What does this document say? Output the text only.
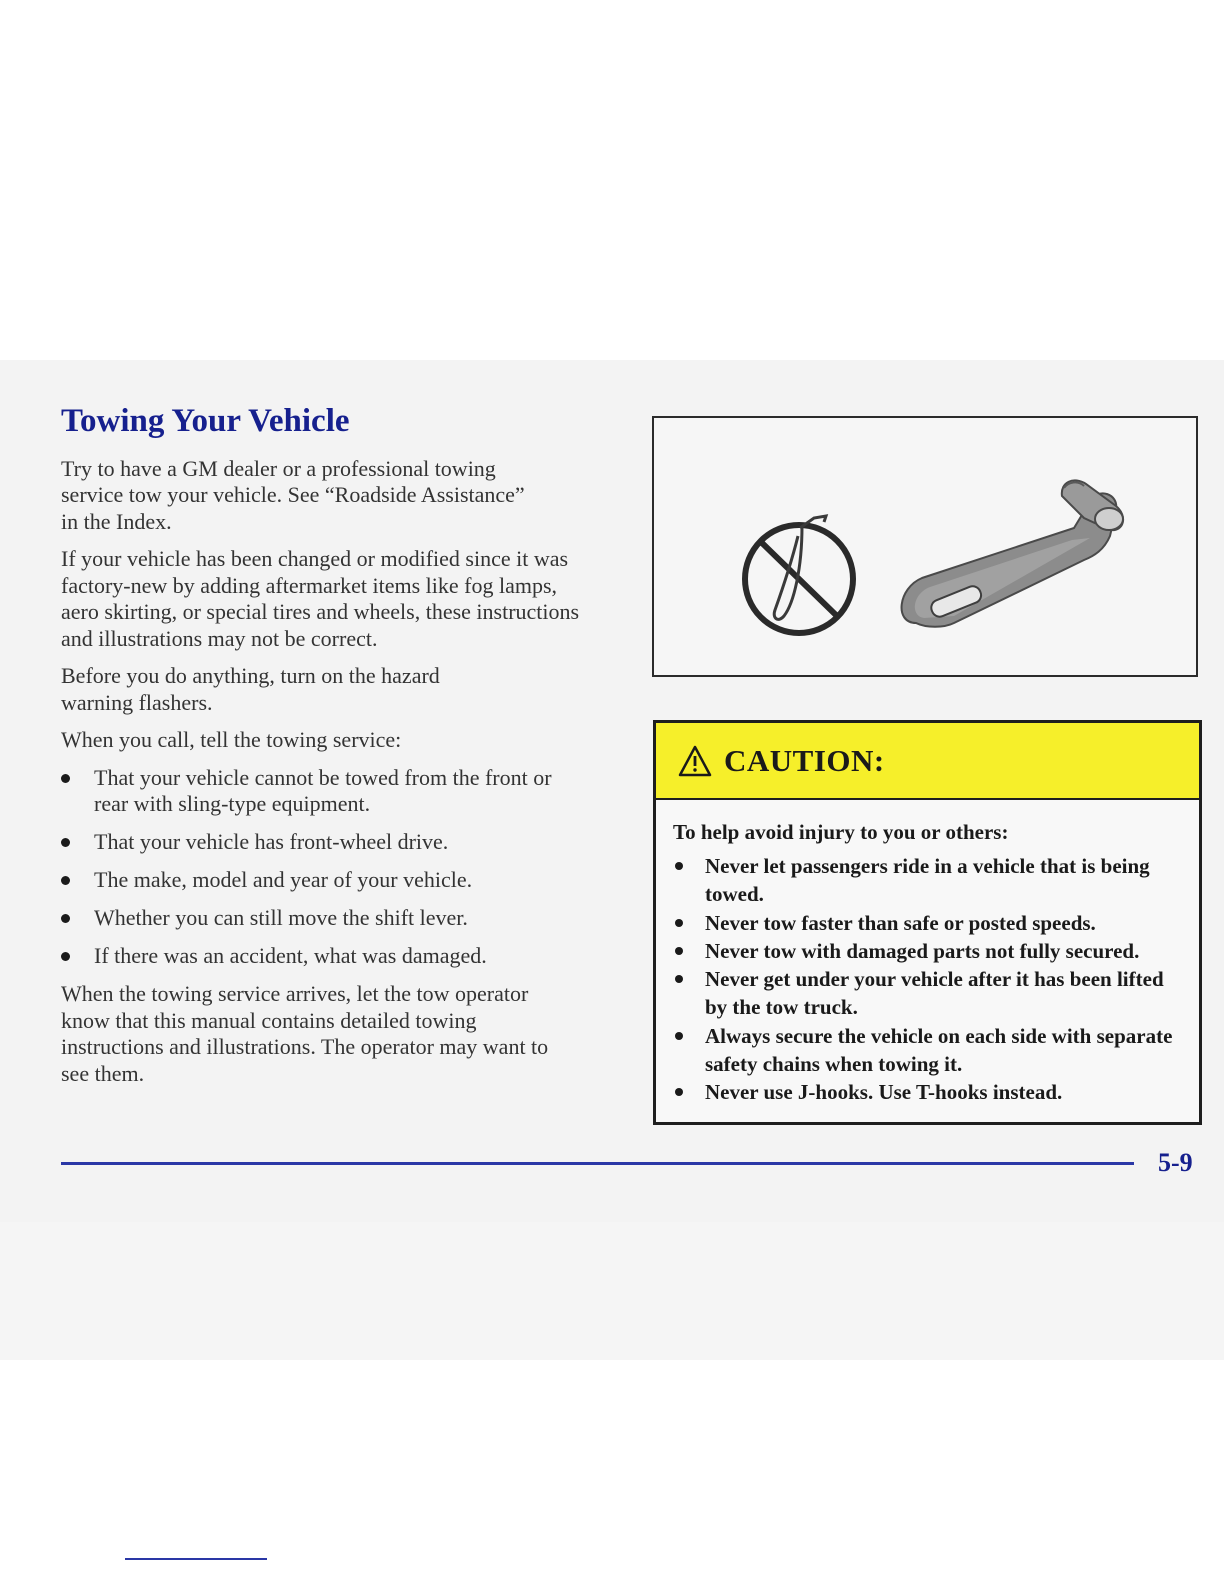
Towing Your Vehicle

Try to have a GM dealer or a professional towing service tow your vehicle. See “Roadside Assistance” in the Index.

If your vehicle has been changed or modified since it was factory-new by adding aftermarket items like fog lamps, aero skirting, or special tires and wheels, these instructions and illustrations may not be correct.

Before you do anything, turn on the hazard warning flashers.

When you call, tell the towing service:

That your vehicle cannot be towed from the front or rear with sling-type equipment.
That your vehicle has front-wheel drive.
The make, model and year of your vehicle.
Whether you can still move the shift lever.
If there was an accident, what was damaged.

When the towing service arrives, let the tow operator know that this manual contains detailed towing instructions and illustrations. The operator may want to see them.

CAUTION:

To help avoid injury to you or others:

Never let passengers ride in a vehicle that is being towed.
Never tow faster than safe or posted speeds.
Never tow with damaged parts not fully secured.
Never get under your vehicle after it has been lifted by the tow truck.
Always secure the vehicle on each side with separate safety chains when towing it.
Never use J-hooks. Use T-hooks instead.
5-9
